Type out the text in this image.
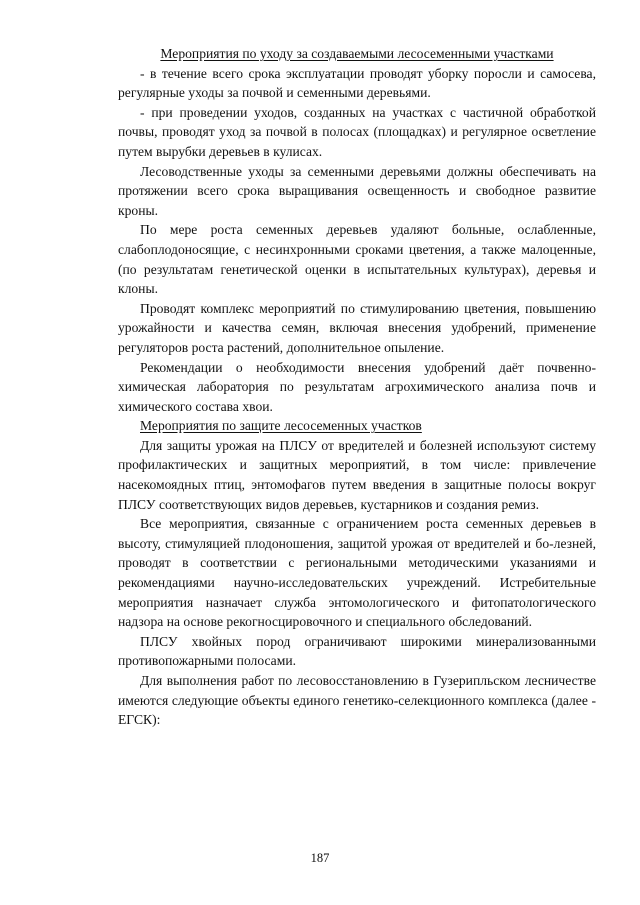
Мероприятия по уходу за создаваемыми лесосеменными участками

- в течение всего срока эксплуатации проводят уборку поросли и самосева, регулярные уходы за почвой и семенными деревьями.

- при проведении уходов, созданных на участках с частичной обработкой почвы, проводят уход за почвой в полосах (площадках) и регулярное осветление путем вырубки деревьев в кулисах.

Лесоводственные уходы за семенными деревьями должны обеспечивать на протяжении всего срока выращивания освещенность и свободное развитие кроны.

По мере роста семенных деревьев удаляют больные, ослабленные, слабоплодоносящие, с несинхронными сроками цветения, а также малоценные, (по результатам генетической оценки в испытательных культурах), деревья и клоны.

Проводят комплекс мероприятий по стимулированию цветения, повышению урожайности и качества семян, включая внесения удобрений, применение регуляторов роста растений, дополнительное опыление.

Рекомендации о необходимости внесения удобрений даёт почвенно-химическая лаборатория по результатам агрохимического анализа почв и химического состава хвои.

Мероприятия по защите лесосеменных участков

Для защиты урожая на ПЛСУ от вредителей и болезней используют систему профилактических и защитных мероприятий, в том числе: привлечение насекомоядных птиц, энтомофагов путем введения в защитные полосы вокруг ПЛСУ соответствующих видов деревьев, кустарников и создания ремиз.

Все мероприятия, связанные с ограничением роста семенных деревьев в высоту, стимуляцией плодоношения, защитой урожая от вредителей и бо-лезней, проводят в соответствии с региональными методическими указаниями и рекомендациями научно-исследовательских учреждений. Истребительные мероприятия назначает служба энтомологического и фитопатологического надзора на основе рекогносцировочного и специального обследований.

ПЛСУ хвойных пород ограничивают широкими минерализованными противопожарными полосами.

Для выполнения работ по лесовосстановлению в Гузерипльском лесничестве имеются следующие объекты единого генетико-селекционного комплекса (далее - ЕГСК):

187
